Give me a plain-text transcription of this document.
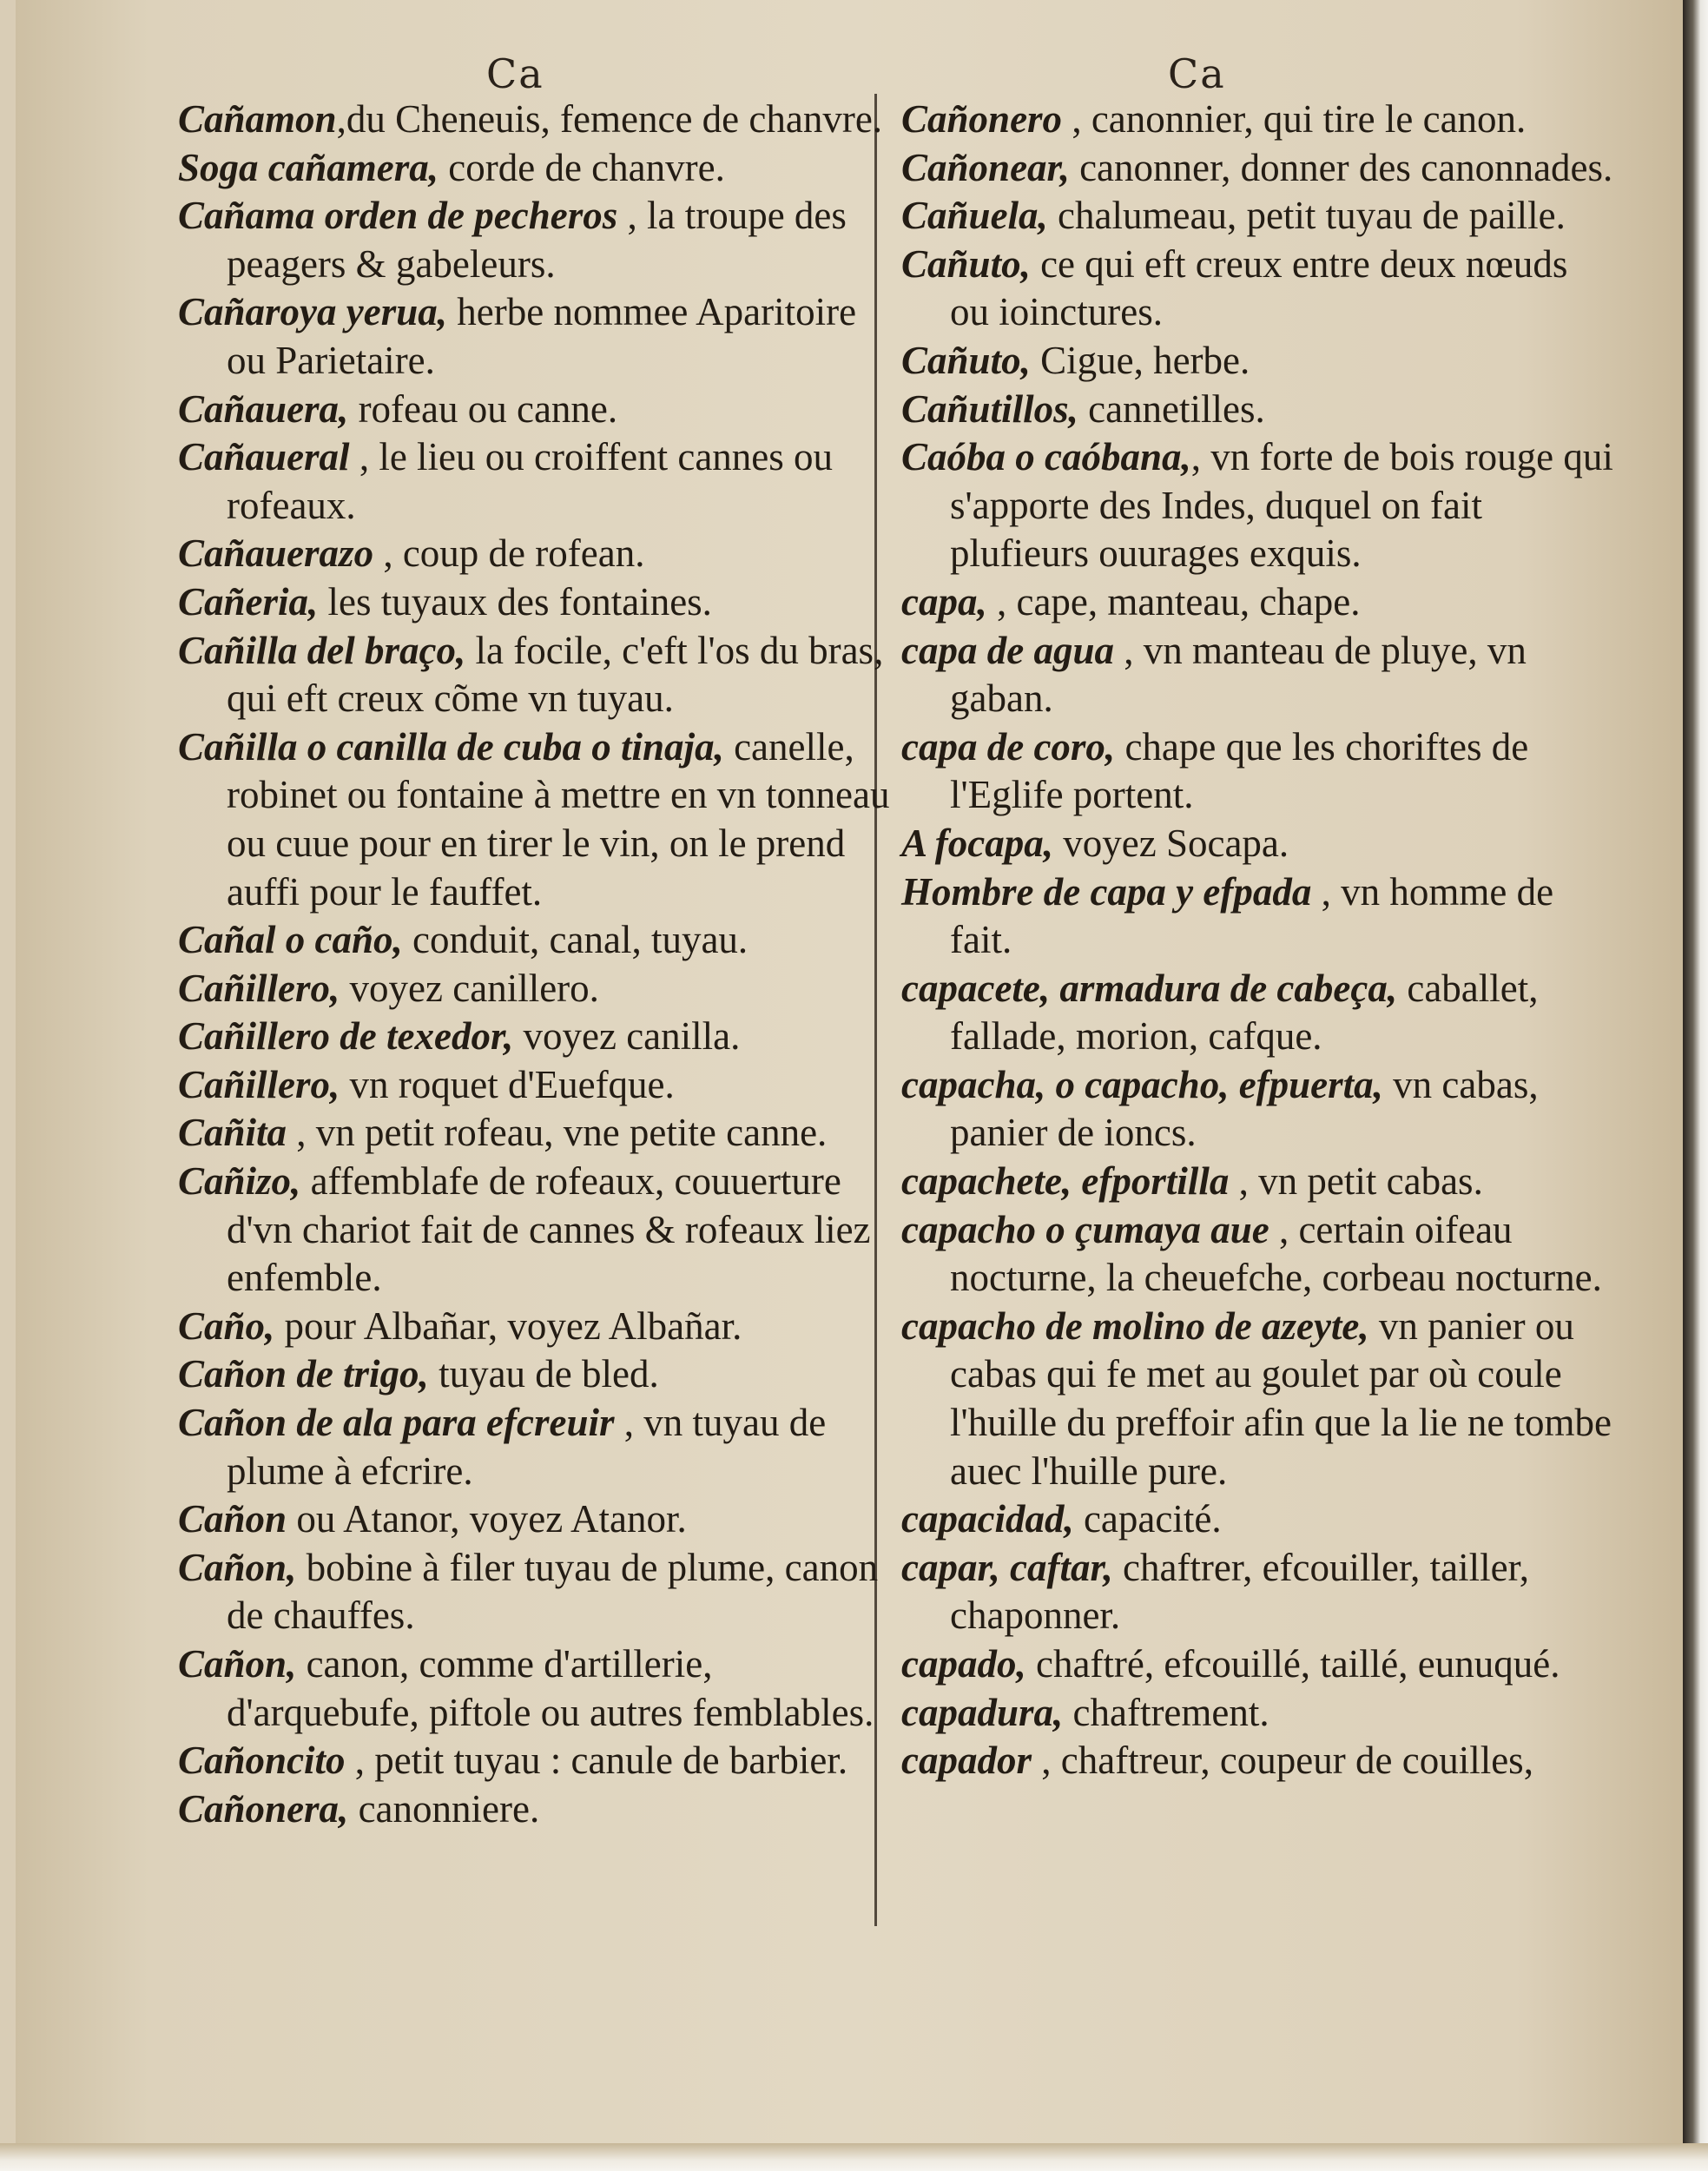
Ca	Ca

Cañamon,du Cheneuis, femence de chanvre.

Soga cañamera, corde de chanvre.

Cañama orden de pecheros , la troupe des peagers & gabeleurs.

Cañaroya yerua, herbe nommee Aparitoire ou Parietaire.

Cañauera, rofeau ou canne.

Cañaueral , le lieu ou croiffent cannes ou rofeaux.

Cañauerazo , coup de rofean.

Cañeria, les tuyaux des fontaines.

Cañilla del braço, la focile, c'eft l'os du bras, qui eft creux cõme vn tuyau.

Cañilla o canilla de cuba o tinaja, canelle, robinet ou fontaine à mettre en vn tonneau ou cuue pour en tirer le vin, on le prend auffi pour le fauffet.

Cañal o caño, conduit, canal, tuyau.

Cañillero, voyez canillero.

Cañillero de texedor, voyez canilla.

Cañillero, vn roquet d'Euefque.

Cañita , vn petit rofeau, vne petite canne.

Cañizo, affemblafe de rofeaux, couuerture d'vn chariot fait de cannes & rofeaux liez enfemble.

Caño, pour Albañar, voyez Albañar.

Cañon de trigo, tuyau de bled.

Cañon de ala para efcreuir , vn tuyau de plume à efcrire.

Cañon ou Atanor, voyez Atanor.

Cañon, bobine à filer tuyau de plume, canon de chauffes.

Cañon, canon, comme d'artillerie, d'arquebufe, piftole ou autres femblables.

Cañoncito , petit tuyau : canule de barbier.

Cañonera, canonniere.

Cañonero , canonnier, qui tire le canon.

Cañonear, canonner, donner des canonnades.

Cañuela, chalumeau, petit tuyau de paille.

Cañuto, ce qui eft creux entre deux nœuds ou ioinctures.

Cañuto, Cigue, herbe.

Cañutillos, cannetilles.

Caóba o caóbana,, vn forte de bois rouge qui s'apporte des Indes, duquel on fait plufieurs ouurages exquis.

capa, , cape, manteau, chape.

capa de agua , vn manteau de pluye, vn gaban.

capa de coro, chape que les choriftes de l'Eglife portent.

A focapa, voyez Socapa.

Hombre de capa y efpada , vn homme de fait.

capacete, armadura de cabeça, caballet, fallade, morion, cafque.

capacha, o capacho, efpuerta, vn cabas, panier de ioncs.

capachete, efportilla , vn petit cabas.

capacho o çumaya aue , certain oifeau nocturne, la cheuefche, corbeau nocturne.

capacho de molino de azeyte, vn panier ou cabas qui fe met au goulet par où coule l'huille du preffoir afin que la lie ne tombe auec l'huille pure.

capacidad, capacité.

capar, caftar, chaftrer, efcouiller, tailler, chaponner.

capado, chaftré, efcouillé, taillé, eunuqué.

capadura, chaftrement.

capador , chaftreur, coupeur de couilles,
